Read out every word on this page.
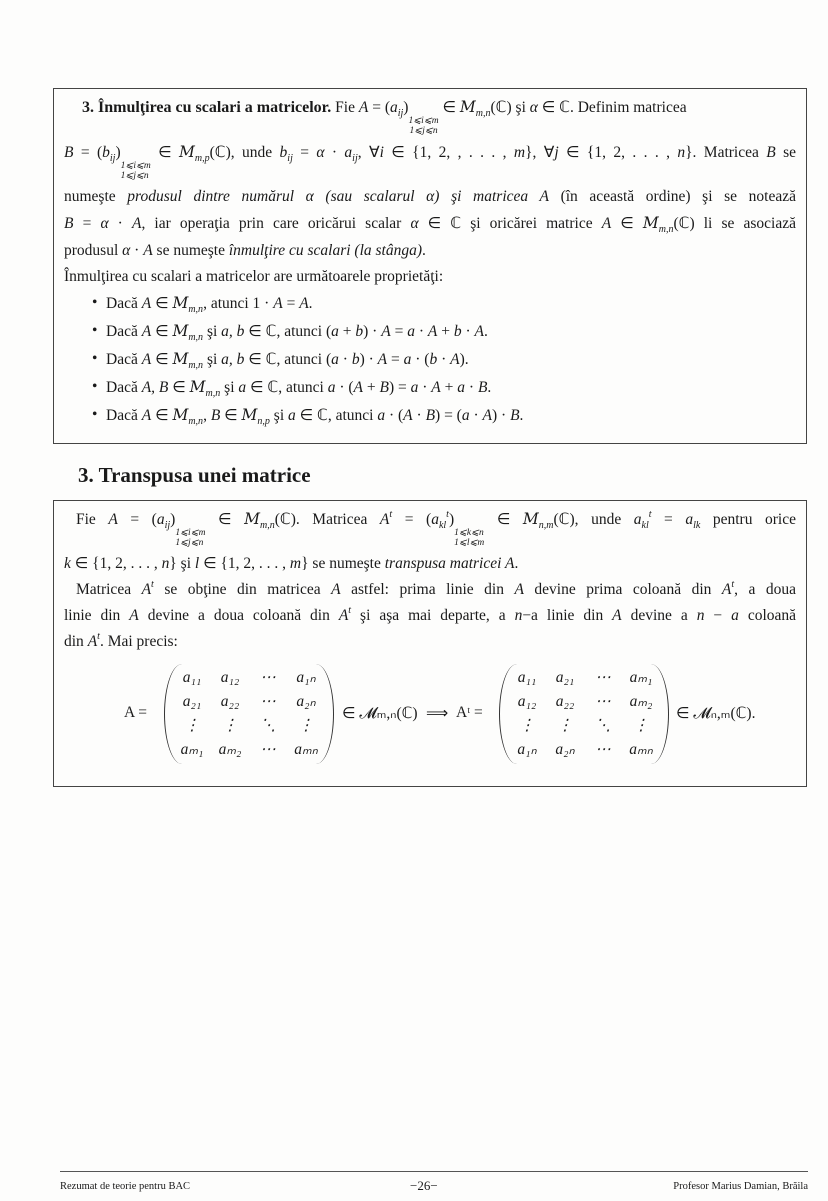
3. Înmulţirea cu scalari a matricelor. Fie $A = (a_{ij})$
1⩽i⩽m
1⩽j⩽n
∈ $M_{m,n}(ℂ)$ şi α ∈ ℂ. Definim matricea
$B = (b_{ij})$
1⩽i⩽m
1⩽j⩽n
∈ $M_{m,p}(ℂ)$, unde $b_{ij} = \alpha \cdot a_{ij}$, ∀i ∈ {1, 2, , . . . , m}, ∀j ∈ {1, 2, . . . , n}. Matricea B se
numeşte produsul dintre numărul α (sau scalarul α) şi matricea A (în această ordine) şi se notează
B = α · A, iar operaţia prin care oricărui scalar α ∈ ℂ şi oricărei matrice A ∈ $M_{m,n}(ℂ)$ li se asociază
produsul α · A se numeşte înmulţire cu scalari (la stânga).
Înmulţirea cu scalari a matricelor are următoarele proprietăţi:
• Dacă A ∈ $M_{m,n}$, atunci 1 · A = A.
• Dacă A ∈ $M_{m,n}$ şi a, b ∈ ℂ, atunci (a + b) · A = a · A + b · A.
• Dacă A ∈ $M_{m,n}$ şi a, b ∈ ℂ, atunci (a · b) · A = a · (b · A).
• Dacă A, B ∈ $M_{m,n}$ şi a ∈ ℂ, atunci a · (A + B) = a · A + a · B.
• Dacă A ∈ $M_{m,n}$, B ∈ $M_{n,p}$ şi a ∈ ℂ, atunci a · (A · B) = (a · A) · B.
3. Transpusa unei matrice
Fie $A = (a_{ij})$
1⩽i⩽m
1⩽j⩽n
∈ $M_{m,n}(ℂ)$. Matricea $A^t = (a_{kl}^t)$
1⩽k⩽n
1⩽l⩽m
∈ $M_{n,m}(ℂ)$, unde $a_{kl}^t = a_{lk}$ pentru orice
k ∈ {1, 2, . . . , n} şi l ∈ {1, 2, . . . , m} se numeşte transpusa matricei A.
Matricea $A^t$ se obţine din matricea A astfel: prima linie din A devine prima coloană din $A^t$, a doua
linie din A devine a doua coloană din $A^t$ şi aşa mai departe, a n−a linie din A devine a n − a coloană
din $A^t$. Mai precis:
A =
a₁₁	a₁₂	⋯	a₁ₙ
a₂₁	a₂₂	⋯	a₂ₙ
⋮	⋮	⋱	⋮
aₘ₁ aₘ₂	⋯	aₘₙ
∈ 𝓜ₘ,ₙ(ℂ) ⟹ Aᵗ =
a₁₁	a₂₁	⋯	aₘ₁
a₁₂	a₂₂	⋯	aₘ₂
⋮	⋮	⋱	⋮
a₁ₙ	a₂ₙ	⋯	aₘₙ
∈ 𝓜ₙ,ₘ(ℂ).
Rezumat de teorie pentru BAC	−26−	Profesor Marius Damian, Brăila
